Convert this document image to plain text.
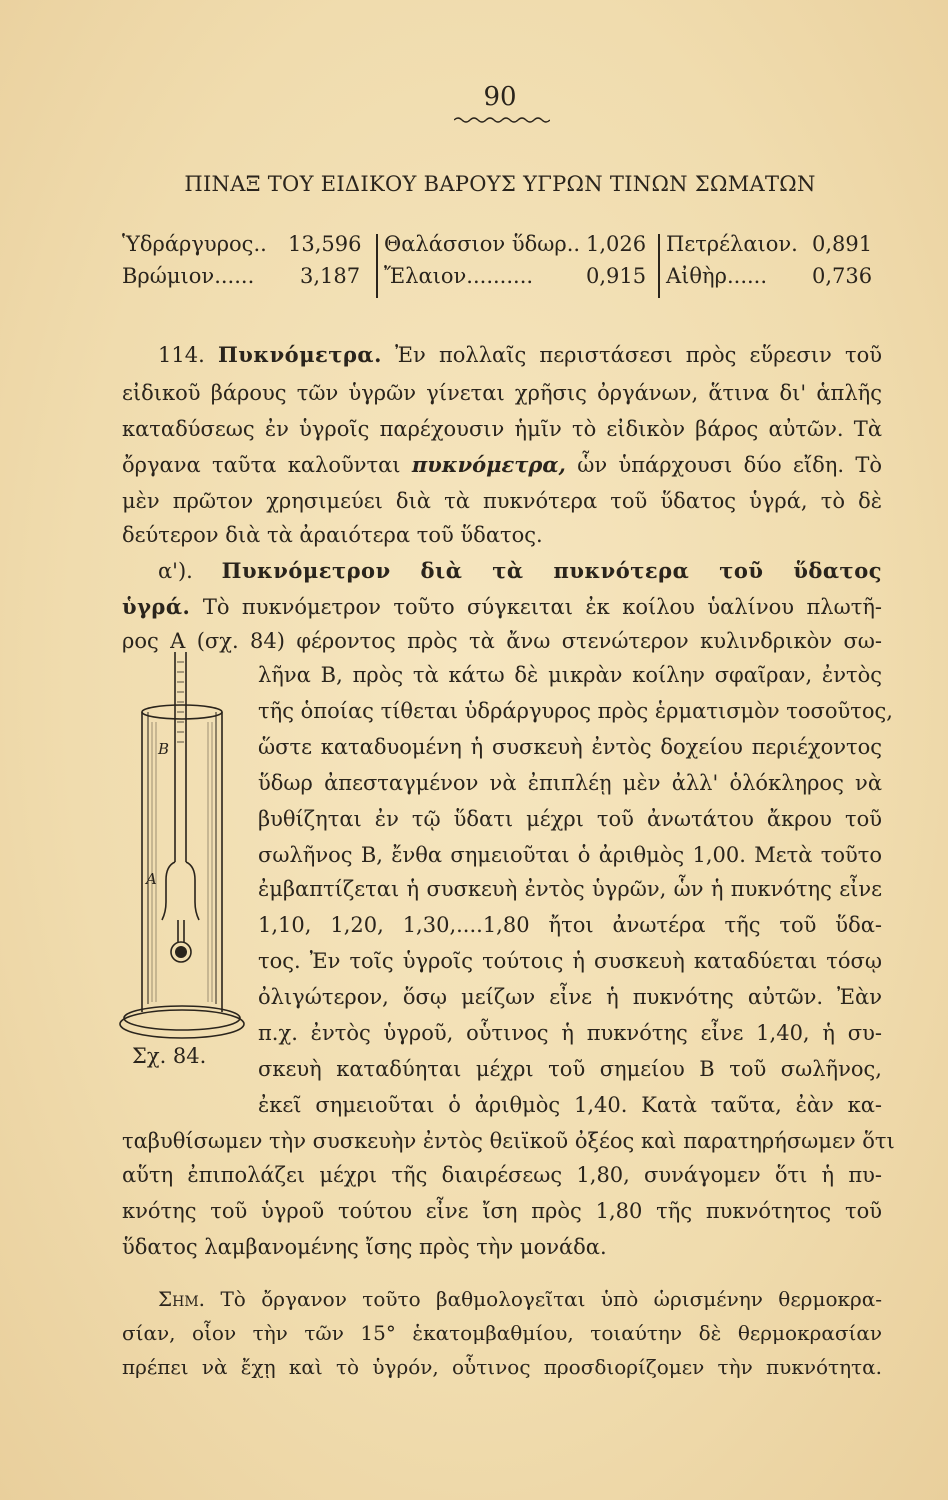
90
ΠΙΝΑΞ ΤΟΥ ΕΙΔΙΚΟΥ ΒΑΡΟΥΣ ΥΓΡΩΝ ΤΙΝΩΝ ΣΩΜΑΤΩΝ
Ὑδράργυρος.. 13,596 Θαλάσσιον ὕδωρ.. 1,026 Πετρέλαιον. 0,891
Βρώμιον...... 3,187 Ἔλαιον..........	0,915 Αἰθὴρ...... 0,736
114. Πυκνόμετρα. Ἐν πολλαῖς περιστάσεσι πρὸς εὕρεσιν τοῦ
εἰδικοῦ βάρους τῶν ὑγρῶν γίνεται χρῆσις ὀργάνων, ἅτινα δι' ἁπλῆς
καταδύσεως ἐν ὑγροῖς παρέχουσιν ἡμῖν τὸ εἰδικὸν βάρος αὐτῶν. Τὰ
ὄργανα ταῦτα καλοῦνται πυκνόμετρα, ὧν ὑπάρχουσι δύο εἴδη. Τὸ
μὲν πρῶτον χρησιμεύει διὰ τὰ πυκνότερα τοῦ ὕδατος ὑγρά, τὸ δὲ
δεύτερον διὰ τὰ ἀραιότερα τοῦ ὕδατος.
α'). Πυκνόμετρον διὰ τὰ πυκνότερα τοῦ ὕδατος
ὑγρά. Τὸ πυκνόμετρον τοῦτο σύγκειται ἐκ κοίλου ὑαλίνου πλωτῆ-
ρος Α (σχ. 84) φέροντος πρὸς τὰ ἄνω στενώτερον κυλινδρικὸν σω-
B
A
Σχ. 84.
λῆνα Β, πρὸς τὰ κάτω δὲ μικρὰν κοίλην σφαῖραν, ἐντὸς
τῆς ὁποίας τίθεται ὑδράργυρος πρὸς ἑρματισμὸν τοσοῦτος,
ὥστε καταδυομένη ἡ συσκευὴ ἐντὸς δοχείου περιέχοντος
ὕδωρ ἀπεσταγμένον νὰ ἐπιπλέῃ μὲν ἀλλ' ὁλόκληρος νὰ
βυθίζηται ἐν τῷ ὕδατι μέχρι τοῦ ἀνωτάτου ἄκρου τοῦ
σωλῆνος Β, ἔνθα σημειοῦται ὁ ἀριθμὸς 1,00. Μετὰ τοῦτο
ἐμβαπτίζεται ἡ συσκευὴ ἐντὸς ὑγρῶν, ὧν ἡ πυκνότης εἶνε
1,10, 1,20, 1,30,....1,80 ἤτοι ἀνωτέρα τῆς τοῦ ὕδα-
τος. Ἐν τοῖς ὑγροῖς τούτοις ἡ συσκευὴ καταδύεται τόσῳ
ὀλιγώτερον, ὅσῳ μείζων εἶνε ἡ πυκνότης αὐτῶν. Ἐὰν
π.χ. ἐντὸς ὑγροῦ, οὗτινος ἡ πυκνότης εἶνε 1,40, ἡ συ-
σκευὴ καταδύηται μέχρι τοῦ σημείου Β τοῦ σωλῆνος,
ἐκεῖ σημειοῦται ὁ ἀριθμὸς 1,40. Κατὰ ταῦτα, ἐὰν κα-
ταβυθίσωμεν τὴν συσκευὴν ἐντὸς θειϊκοῦ ὀξέος καὶ παρατηρήσωμεν ὅτι
αὕτη ἐπιπολάζει μέχρι τῆς διαιρέσεως 1,80, συνάγομεν ὅτι ἡ πυ-
κνότης τοῦ ὑγροῦ τούτου εἶνε ἴση πρὸς 1,80 τῆς πυκνότητος τοῦ
ὕδατος λαμβανομένης ἴσης πρὸς τὴν μονάδα.
Σημ. Τὸ ὄργανον τοῦτο βαθμολογεῖται ὑπὸ ὡρισμένην θερμοκρα-
σίαν, οἷον τὴν τῶν 15° ἑκατομβαθμίου, τοιαύτην δὲ θερμοκρασίαν
πρέπει νὰ ἔχῃ καὶ τὸ ὑγρόν, οὗτινος προσδιορίζομεν τὴν πυκνότητα.
